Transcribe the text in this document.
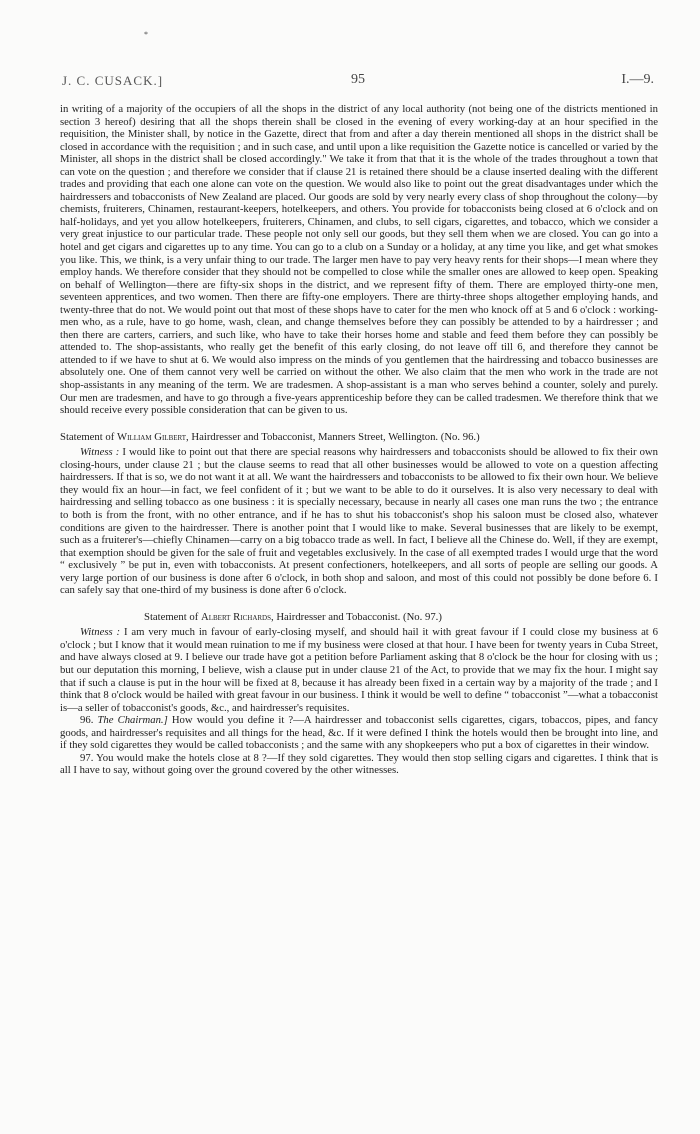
*
J. C. CUSACK.]	95	I.—9.

in writing of a majority of the occupiers of all the shops in the district of any local authority (not being one of the districts mentioned in section 3 hereof) desiring that all the shops therein shall be closed in the evening of every working-day at an hour specified in the requisition, the Minister shall, by notice in the Gazette, direct that from and after a day therein mentioned all shops in the district shall be closed in accordance with the requisition ; and in such case, and until upon a like requisition the Gazette notice is cancelled or varied by the Minister, all shops in the district shall be closed accordingly." We take it from that that it is the whole of the trades throughout a town that can vote on the question ; and therefore we consider that if clause 21 is retained there should be a clause inserted dealing with the different trades and providing that each one alone can vote on the question. We would also like to point out the great disadvantages under which the hairdressers and tobacconists of New Zealand are placed. Our goods are sold by very nearly every class of shop throughout the colony—by chemists, fruiterers, Chinamen, restaurant-keepers, hotelkeepers, and others. You provide for tobacconists being closed at 6 o'clock and on half-holidays, and yet you allow hotelkeepers, fruiterers, Chinamen, and clubs, to sell cigars, cigarettes, and tobacco, which we consider a very great injustice to our particular trade. These people not only sell our goods, but they sell them when we are closed. You can go into a hotel and get cigars and cigarettes up to any time. You can go to a club on a Sunday or a holiday, at any time you like, and get what smokes you like. This, we think, is a very unfair thing to our trade. The larger men have to pay very heavy rents for their shops—I mean where they employ hands. We therefore consider that they should not be compelled to close while the smaller ones are allowed to keep open. Speaking on behalf of Wellington—there are fifty-six shops in the district, and we represent fifty of them. There are employed thirty-one men, seventeen apprentices, and two women. Then there are fifty-one employers. There are thirty-three shops altogether employing hands, and twenty-three that do not. We would point out that most of these shops have to cater for the men who knock off at 5 and 6 o'clock : working-men who, as a rule, have to go home, wash, clean, and change themselves before they can possibly be attended to by a hairdresser ; and then there are carters, carriers, and such like, who have to take their horses home and stable and feed them before they can possibly be attended to. The shop-assistants, who really get the benefit of this early closing, do not leave off till 6, and therefore they cannot be attended to if we have to shut at 6. We would also impress on the minds of you gentlemen that the hairdressing and tobacco businesses are absolutely one. One of them cannot very well be carried on without the other. We also claim that the men who work in the trade are not shop-assistants in any meaning of the term. We are tradesmen. A shop-assistant is a man who serves behind a counter, solely and purely. Our men are tradesmen, and have to go through a five-years apprenticeship before they can be called tradesmen. We therefore think that we should receive every possible consideration that can be given to us.

Statement of William Gilbert, Hairdresser and Tobacconist, Manners Street, Wellington. (No. 96.)

Witness : I would like to point out that there are special reasons why hairdressers and tobacconists should be allowed to fix their own closing-hours, under clause 21 ; but the clause seems to read that all other businesses would be allowed to vote on a question affecting hairdressers. If that is so, we do not want it at all. We want the hairdressers and tobacconists to be allowed to fix their own hour. We believe they would fix an hour—in fact, we feel confident of it ; but we want to be able to do it ourselves. It is also very necessary to deal with hairdressing and selling tobacco as one business : it is specially necessary, because in nearly all cases one man runs the two ; the entrance to both is from the front, with no other entrance, and if he has to shut his tobacconist's shop his saloon must be closed also, whatever conditions are given to the hairdresser. There is another point that I would like to make. Several businesses that are likely to be exempt, such as a fruiterer's—chiefly Chinamen—carry on a big tobacco trade as well. In fact, I believe all the Chinese do. Well, if they are exempt, that exemption should be given for the sale of fruit and vegetables exclusively. In the case of all exempted trades I would urge that the word “ exclusively ” be put in, even with tobacconists. At present confectioners, hotelkeepers, and all sorts of people are selling our goods. A very large portion of our business is done after 6 o'clock, in both shop and saloon, and most of this could not possibly be done before 6. I can safely say that one-third of my business is done after 6 o'clock.

Statement of Albert Richards, Hairdresser and Tobacconist. (No. 97.)

Witness : I am very much in favour of early-closing myself, and should hail it with great favour if I could close my business at 6 o'clock ; but I know that it would mean ruination to me if my business were closed at that hour. I have been for twenty years in Cuba Street, and have always closed at 9. I believe our trade have got a petition before Parliament asking that 8 o'clock be the hour for closing with us ; but our deputation this morning, I believe, wish a clause put in under clause 21 of the Act, to provide that we may fix the hour. I might say that if such a clause is put in the hour will be fixed at 8, because it has already been fixed in a certain way by a majority of the trade ; and I think that 8 o'clock would be hailed with great favour in our business. I think it would be well to define “ tobacconist ”—what a tobacconist is—a seller of tobacconist's goods, &c., and hairdresser's requisites.

96. The Chairman.] How would you define it ?—A hairdresser and tobacconist sells cigarettes, cigars, tobaccos, pipes, and fancy goods, and hairdresser's requisites and all things for the head, &c. If it were defined I think the hotels would then be brought into line, and if they sold cigarettes they would be called tobacconists ; and the same with any shopkeepers who put a box of cigarettes in their window.

97. You would make the hotels close at 8 ?—If they sold cigarettes. They would then stop selling cigars and cigarettes. I think that is all I have to say, without going over the ground covered by the other witnesses.
